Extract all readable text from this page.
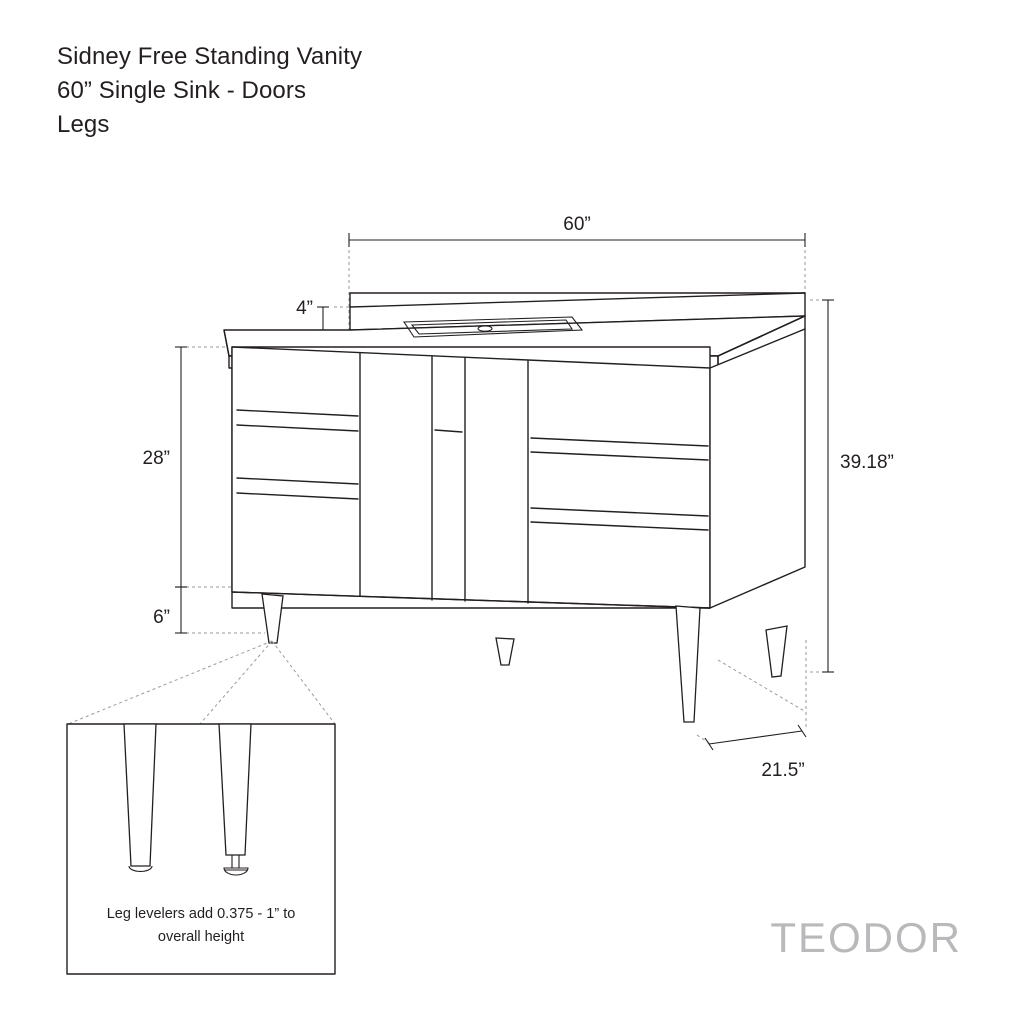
Sidney Free Standing Vanity
60” Single Sink - Doors
Legs
60”
4”
28”
6”
39.18”
21.5”
Leg levelers add 0.375 - 1” to
overall height	TEODOR
